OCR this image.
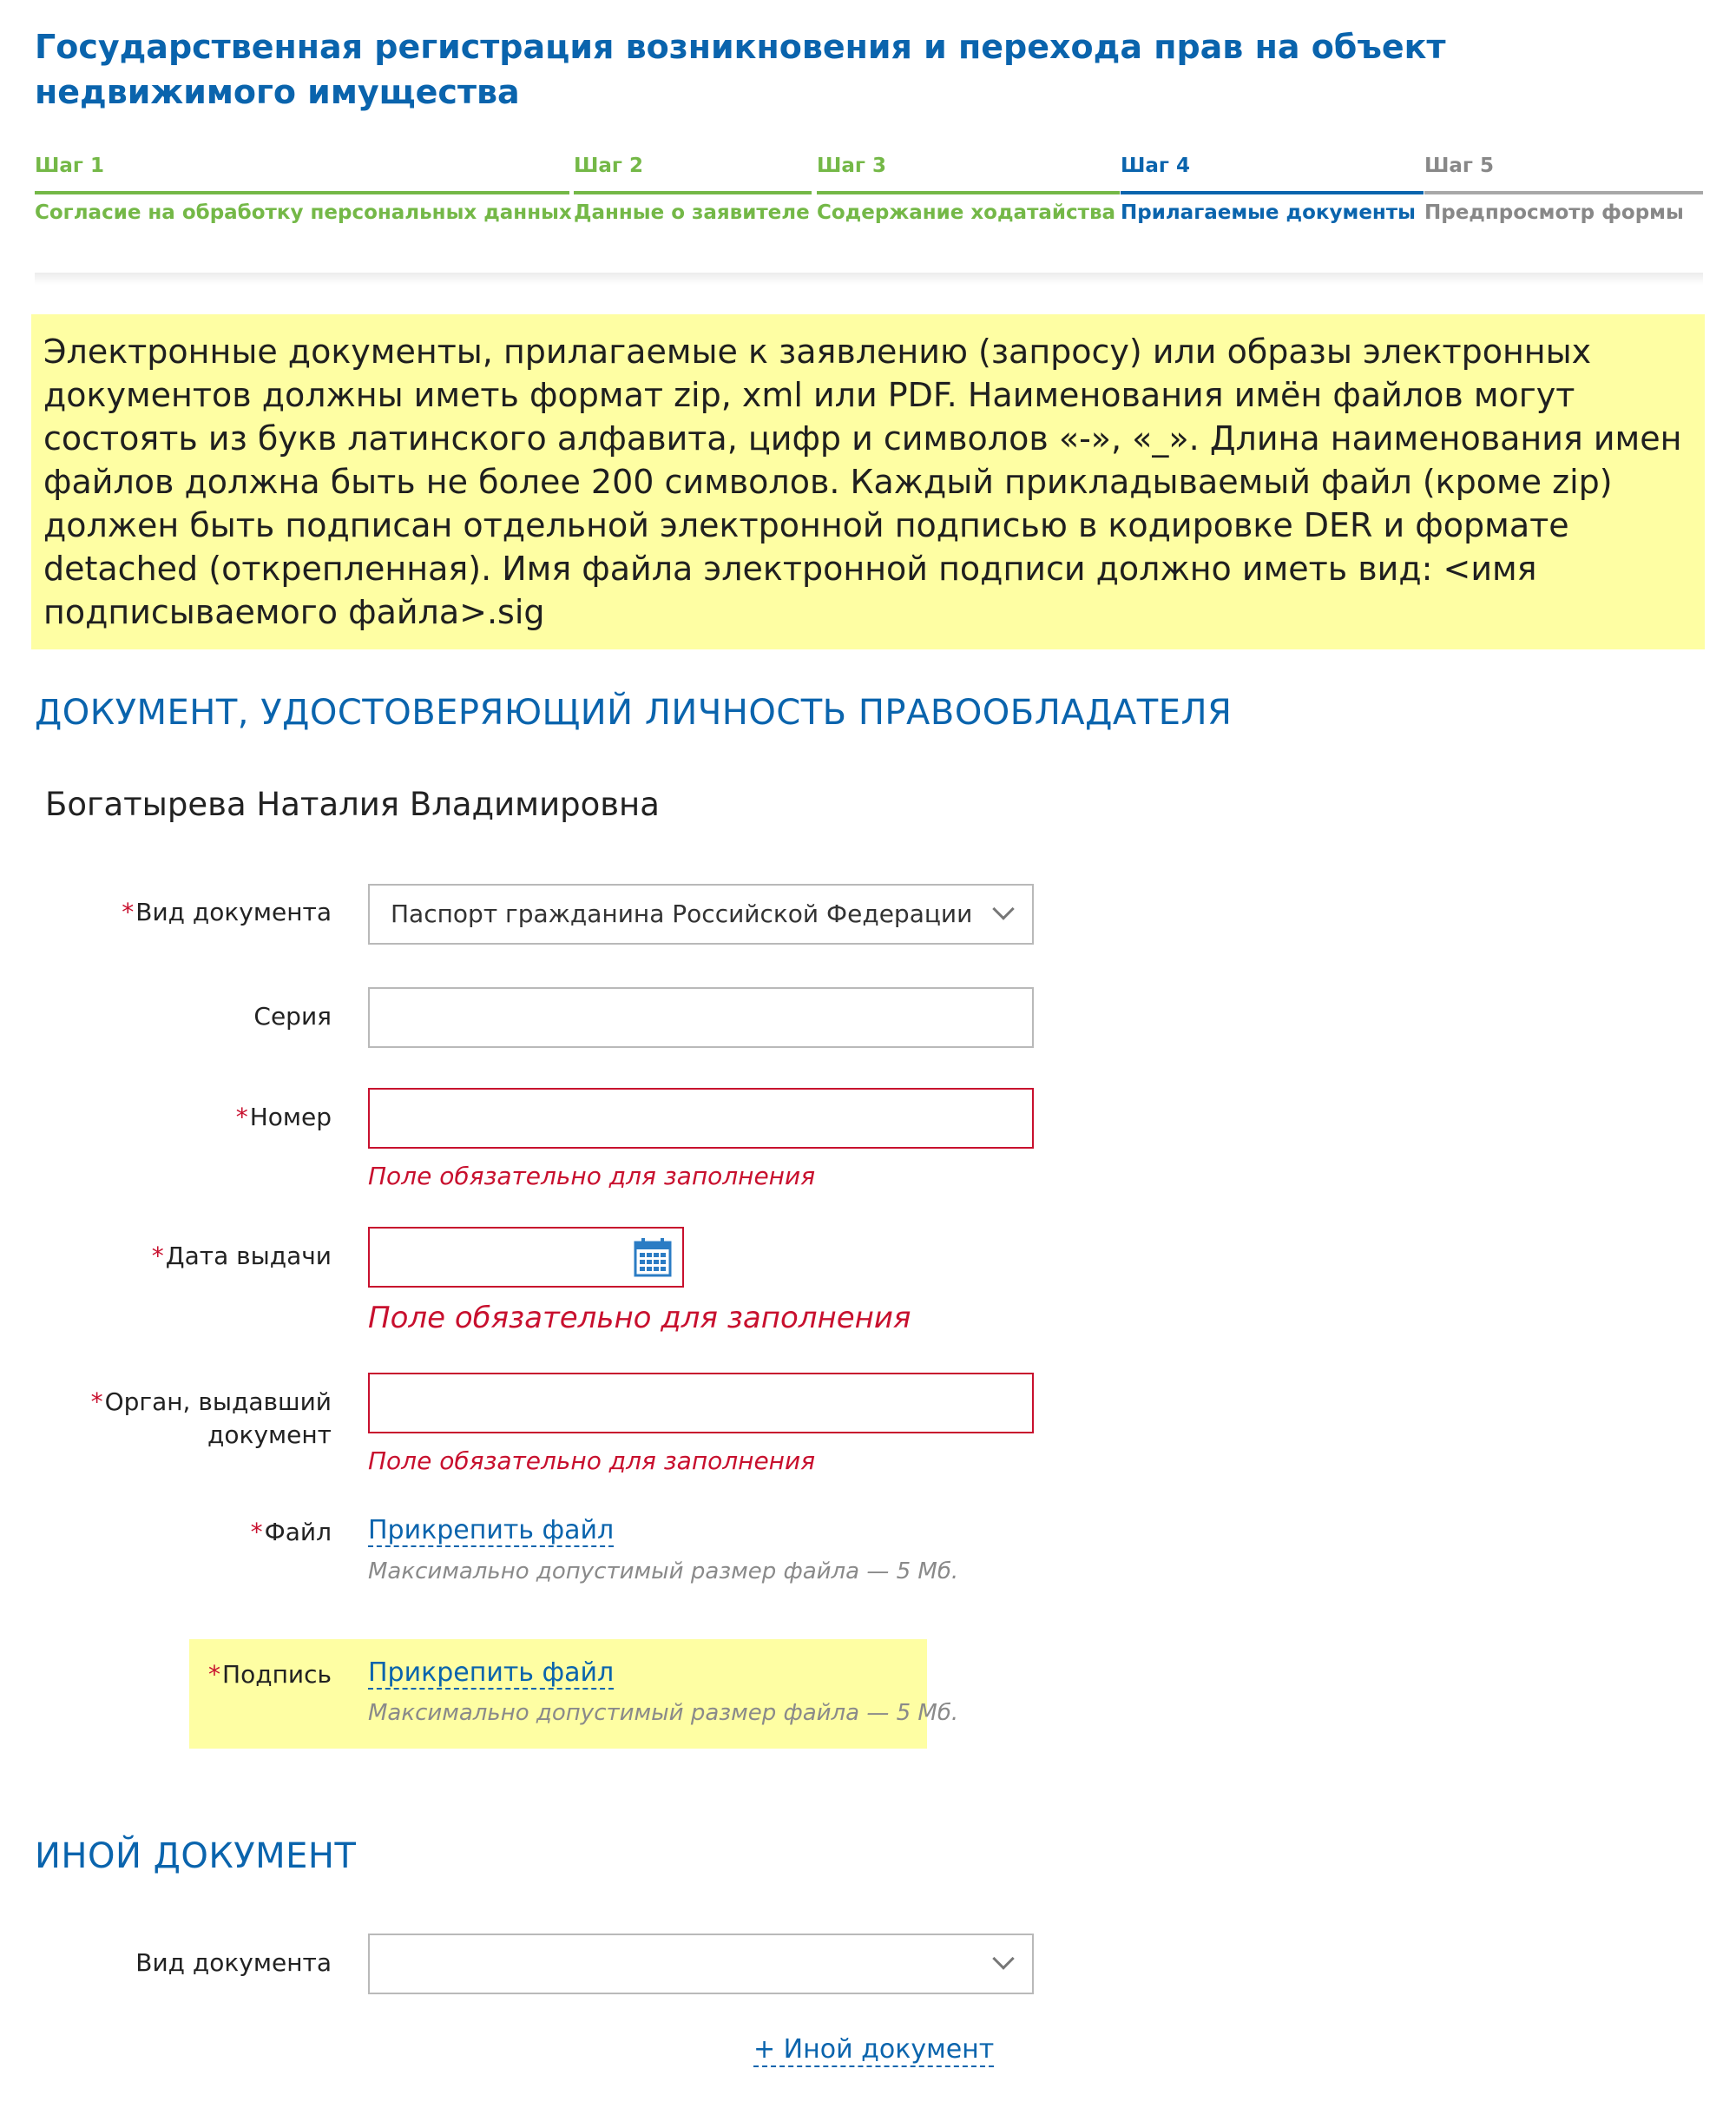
Государственная регистрация возникновения и перехода прав на объект недвижимого имущества
Шаг 1
Согласие на обработку персональных данных
Шаг 2
Данные о заявителе
Шаг 3
Содержание ходатайства
Шаг 4
Прилагаемые документы
Шаг 5
Предпросмотр формы
Электронные документы, прилагаемые к заявлению (запросу) или образы электронных документов должны иметь формат zip, xml или PDF. Наименования имён файлов могут состоять из букв латинского алфавита, цифр и символов «-», «_». Длина наименования имен файлов должна быть не более 200 символов. Каждый прикладываемый файл (кроме zip) должен быть подписан отдельной электронной подписью в кодировке DER и формате detached (открепленная). Имя файла электронной подписи должно иметь вид: <имя подписываемого файла>.sig
ДОКУМЕНТ, УДОСТОВЕРЯЮЩИЙ ЛИЧНОСТЬ ПРАВООБЛАДАТЕЛЯ
Богатырева Наталия Владимировна
*Вид документа	Паспорт гражданина Российской Федерации
Серия
*Номер
Поле обязательно для заполнения
*Дата выдачи
Поле обязательно для заполнения
*Орган, выдавший
документ
Поле обязательно для заполнения
*Файл Прикрепить файл
Максимально допустимый размер файла — 5 Мб.
*Подпись Прикрепить файл
Максимально допустимый размер файла — 5 Мб.
ИНОЙ ДОКУМЕНТ
Вид документа
+ Иной документ
